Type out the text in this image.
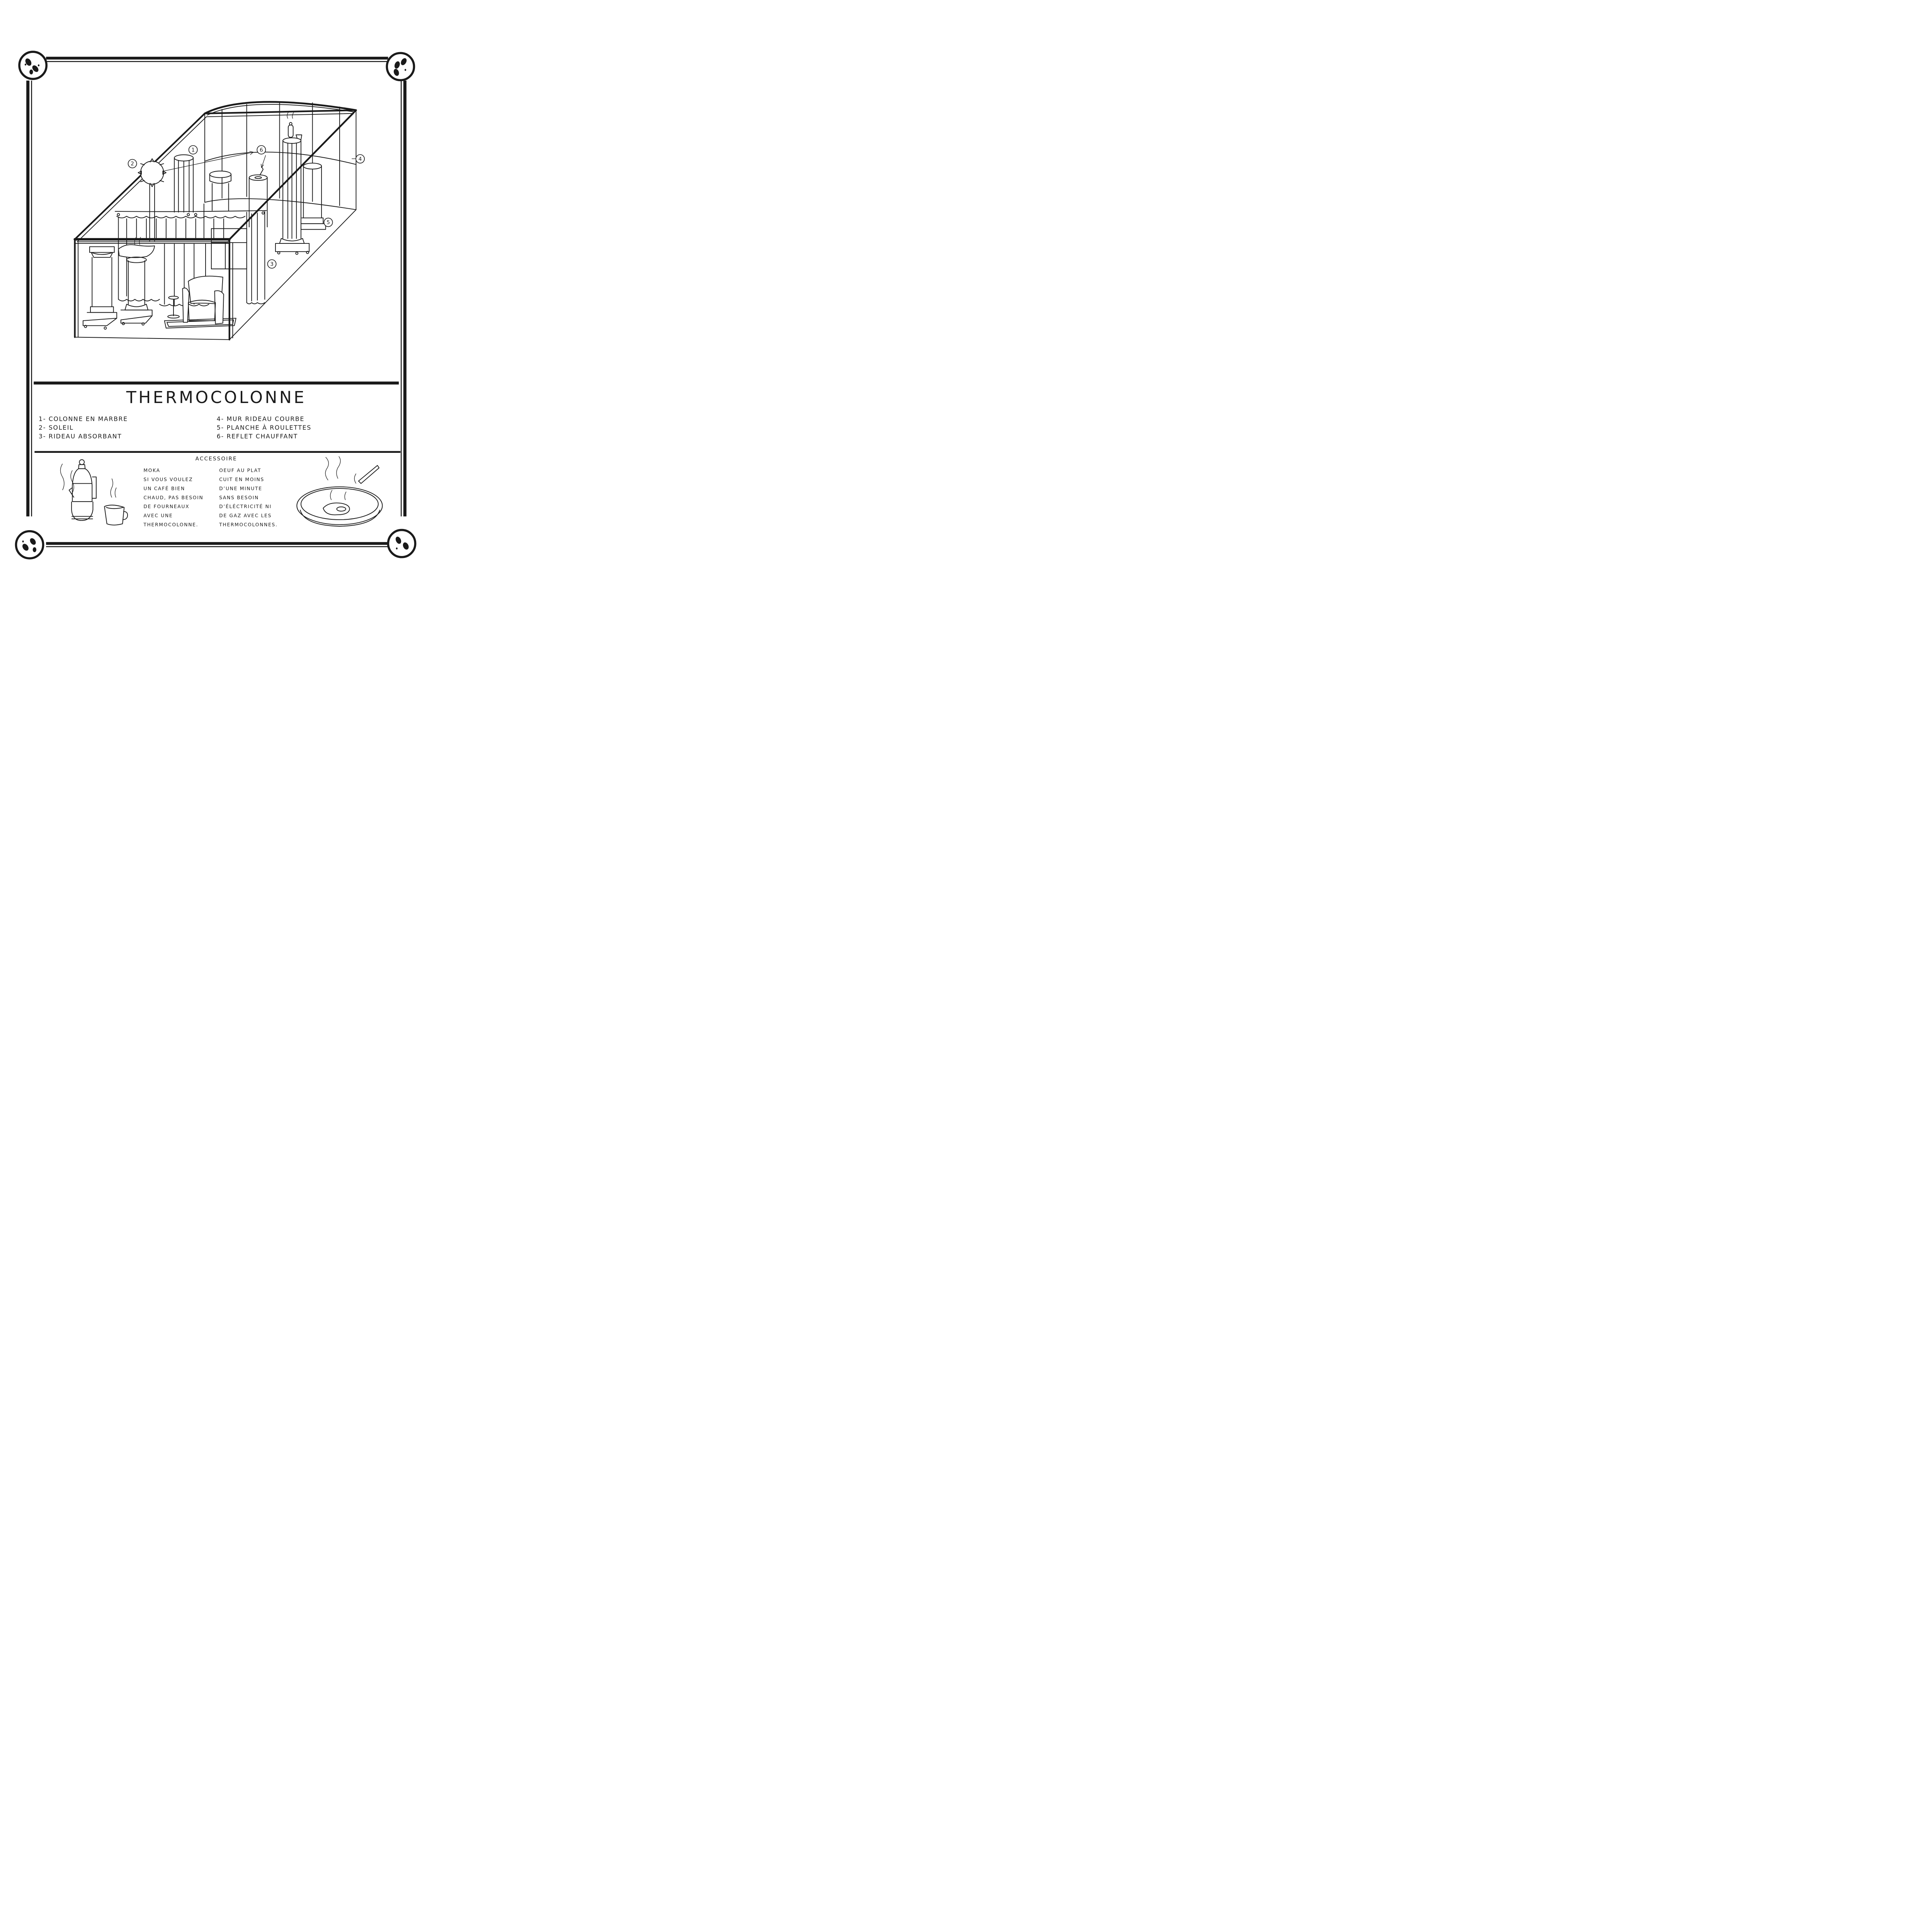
1
2
3
4
5
6
THERMOCOLONNE
1- COLONNE EN MARBRE
2- SOLEIL
3- RIDEAU ABSORBANT
4- MUR RIDEAU COURBE
5- PLANCHE À ROULETTES
6- REFLET CHAUFFANT
ACCESSOIRE
MOKA
SI VOUS VOULEZ
UN CAFÉ BIEN
CHAUD, PAS BESOIN
DE FOURNEAUX
AVEC UNE
THERMOCOLONNE.
OEUF AU PLAT
CUIT EN MOINS
D’UNE MINUTE
SANS BESOIN
D’ÉLÉCTRICITÉ NI
DE GAZ AVEC LES
THERMOCOLONNES.
